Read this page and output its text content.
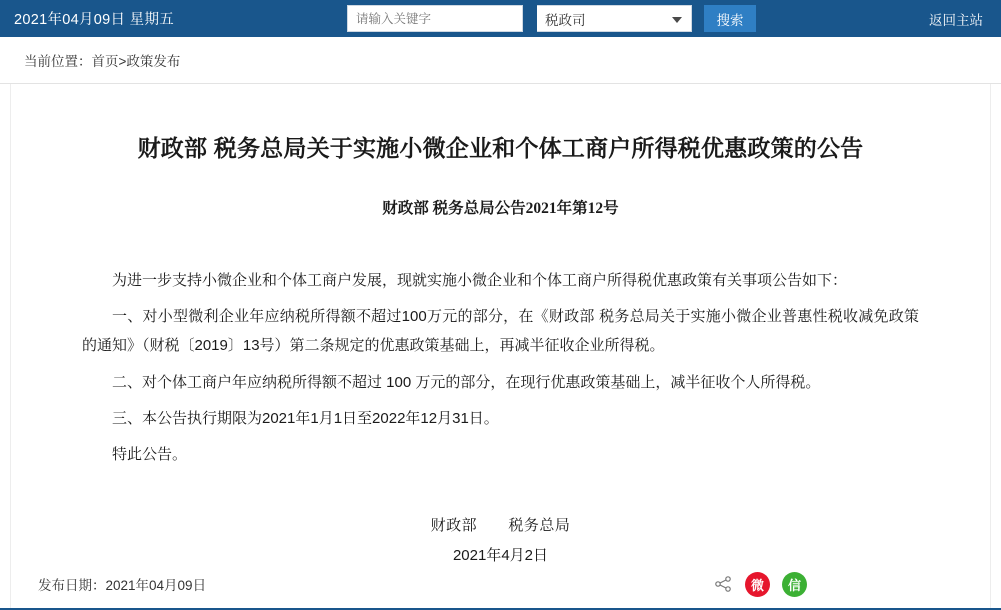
2021年04月09日 星期五
请输入关键字	税政司	搜索	返回主站
当前位置：首页>政策发布
财政部 税务总局关于实施小微企业和个体工商户所得税优惠政策的公告
财政部 税务总局公告2021年第12号

为进一步支持小微企业和个体工商户发展，现就实施小微企业和个体工商户所得税优惠政策有关事项公告如下：

一、对小型微利企业年应纳税所得额不超过100万元的部分，在《财政部 税务总局关于实施小微企业普惠性税收减免政策的通知》（财税〔2019〕13号）第二条规定的优惠政策基础上，再减半征收企业所得税。

二、对个体工商户年应纳税所得额不超过 100 万元的部分，在现行优惠政策基础上，减半征收个人所得税。

三、本公告执行期限为2021年1月1日至2022年12月31日。

特此公告。

财政部 税务总局
2021年4月2日
发布日期：2021年04月09日	微	信
